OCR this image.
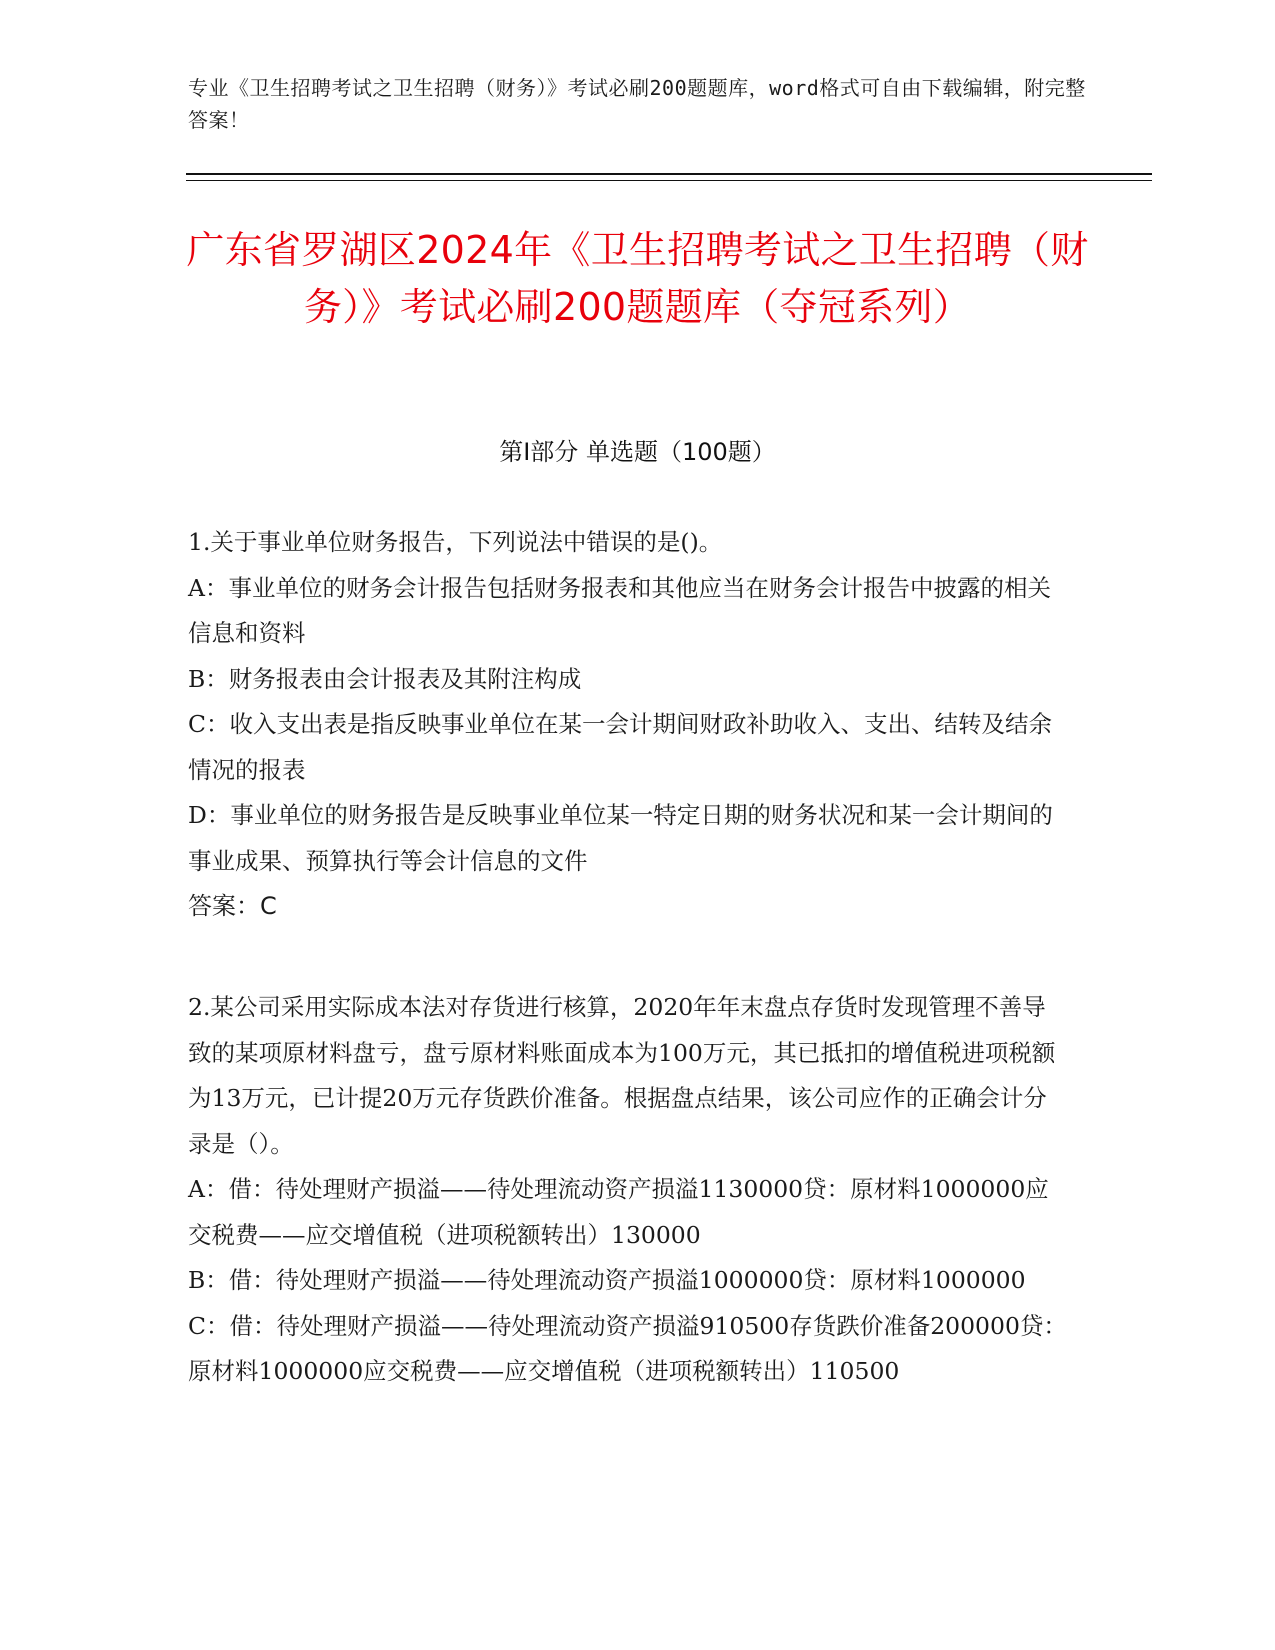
专业《卫生招聘考试之卫生招聘（财务）》考试必刷200题题库，word格式可自由下载编辑，附完整答案！
广东省罗湖区2024年《卫生招聘考试之卫生招聘（财务）》考试必刷200题题库（夺冠系列）
第Ⅰ部分 单选题（100题）

1.关于事业单位财务报告，下列说法中错误的是()。

A：事业单位的财务会计报告包括财务报表和其他应当在财务会计报告中披露的相关信息和资料

B：财务报表由会计报表及其附注构成

C：收入支出表是指反映事业单位在某一会计期间财政补助收入、支出、结转及结余情况的报表

D：事业单位的财务报告是反映事业单位某一特定日期的财务状况和某一会计期间的事业成果、预算执行等会计信息的文件

答案：C

2.某公司采用实际成本法对存货进行核算，2020年年末盘点存货时发现管理不善导致的某项原材料盘亏，盘亏原材料账面成本为100万元，其已抵扣的增值税进项税额为13万元，已计提20万元存货跌价准备。根据盘点结果，该公司应作的正确会计分录是（）。

A：借：待处理财产损溢——待处理流动资产损溢1130000贷：原材料1000000应交税费——应交增值税（进项税额转出）130000

B：借：待处理财产损溢——待处理流动资产损溢1000000贷：原材料1000000

C：借：待处理财产损溢——待处理流动资产损溢910500存货跌价准备200000贷：原材料1000000应交税费——应交增值税（进项税额转出）110500
